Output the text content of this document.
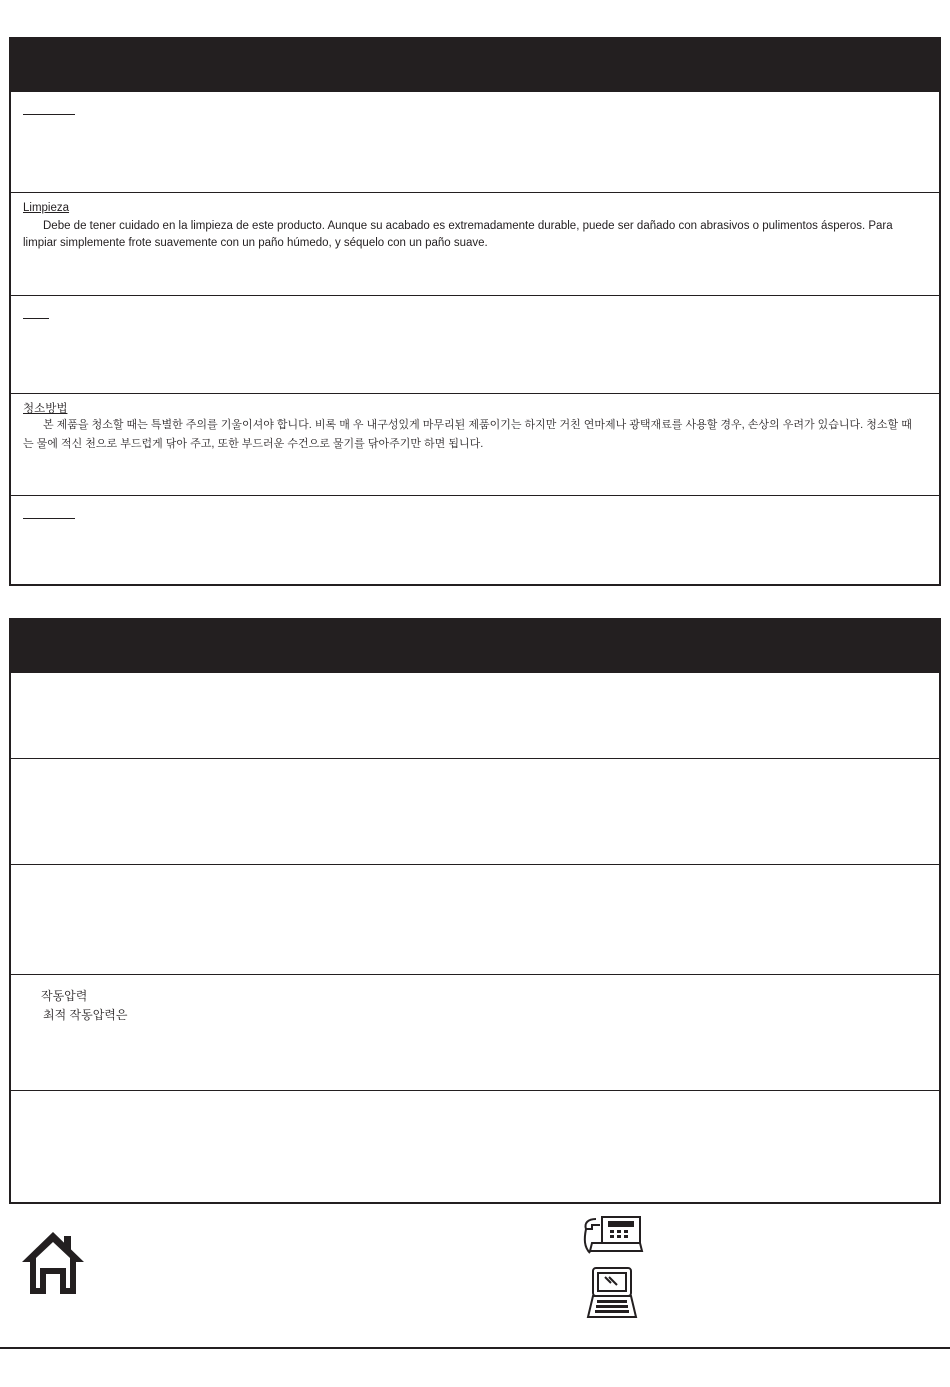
Limpieza
Debe de tener cuidado en la limpieza de este producto. Aunque su acabado es extremadamente durable, puede ser dañado con abrasivos o pulimentos ásperos. Para limpiar simplemente frote suavemente con un paño húmedo, y séquelo con un paño suave.
청소방법
본 제품을 청소할 때는 특별한 주의를 기울이셔야 합니다. 비록 매 우 내구성있게 마무리된 제품이기는 하지만 거친 연마제나 광택재료를 사용할 경우, 손상의 우려가 있습니다. 청소할 때는 물에 적신 천으로 부드럽게 닦아 주고, 또한 부드러운 수건으로 물기를 닦아주기만 하면 됩니다.
작동압력
최적 작동압력은
